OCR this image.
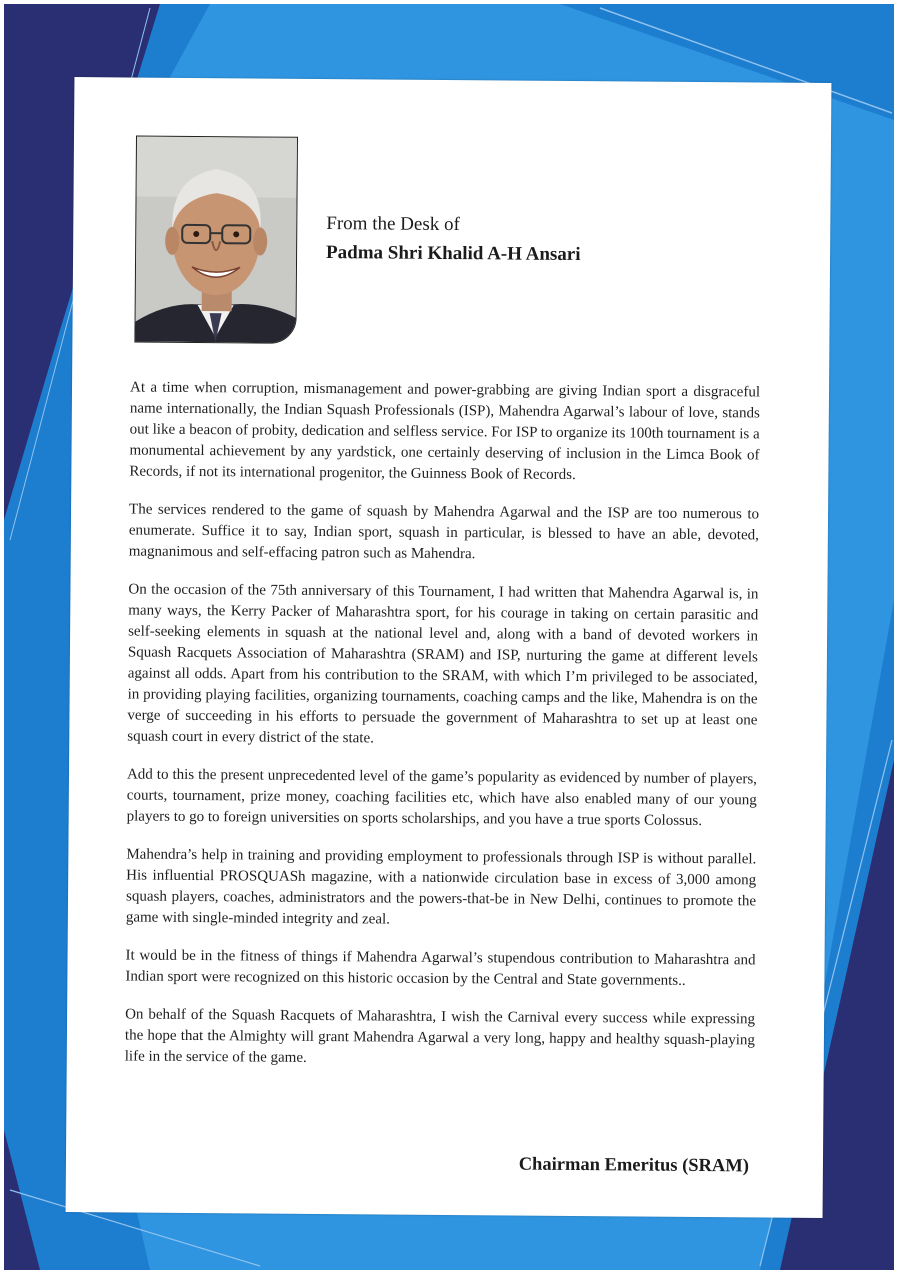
From the Desk of
Padma Shri Khalid A-H Ansari

At a time when corruption, mismanagement and power-grabbing are giving Indian sport a disgraceful name internationally, the Indian Squash Professionals (ISP), Mahendra Agarwal’s labour of love, stands out like a beacon of probity, dedication and selfless service. For ISP to organize its 100th tournament is a monumental achievement by any yardstick, one certainly deserving of inclusion in the Limca Book of Records, if not its international progenitor, the Guinness Book of Records.

The services rendered to the game of squash by Mahendra Agarwal and the ISP are too numerous to enumerate. Suffice it to say, Indian sport, squash in particular, is blessed to have an able, devoted, magnanimous and self-effacing patron such as Mahendra.

On the occasion of the 75th anniversary of this Tournament, I had written that Mahendra Agarwal is, in many ways, the Kerry Packer of Maharashtra sport, for his courage in taking on certain parasitic and self-seeking elements in squash at the national level and, along with a band of devoted workers in Squash Racquets Association of Maharashtra (SRAM) and ISP, nurturing the game at different levels against all odds. Apart from his contribution to the SRAM, with which I’m privileged to be associated, in providing playing facilities, organizing tournaments, coaching camps and the like, Mahendra is on the verge of succeeding in his efforts to persuade the government of Maharashtra to set up at least one squash court in every district of the state.

Add to this the present unprecedented level of the game’s popularity as evidenced by number of players, courts, tournament, prize money, coaching facilities etc, which have also enabled many of our young players to go to foreign universities on sports scholarships, and you have a true sports Colossus.

Mahendra’s help in training and providing employment to professionals through ISP is without parallel. His influential PROSQUASh magazine, with a nationwide circulation base in excess of 3,000 among squash players, coaches, administrators and the powers-that-be in New Delhi, continues to promote the game with single-minded integrity and zeal.

It would be in the fitness of things if Mahendra Agarwal’s stupendous contribution to Maharashtra and Indian sport were recognized on this historic occasion by the Central and State governments..

On behalf of the Squash Racquets of Maharashtra, I wish the Carnival every success while expressing the hope that the Almighty will grant Mahendra Agarwal a very long, happy and healthy squash-playing life in the service of the game.

Chairman Emeritus (SRAM)
